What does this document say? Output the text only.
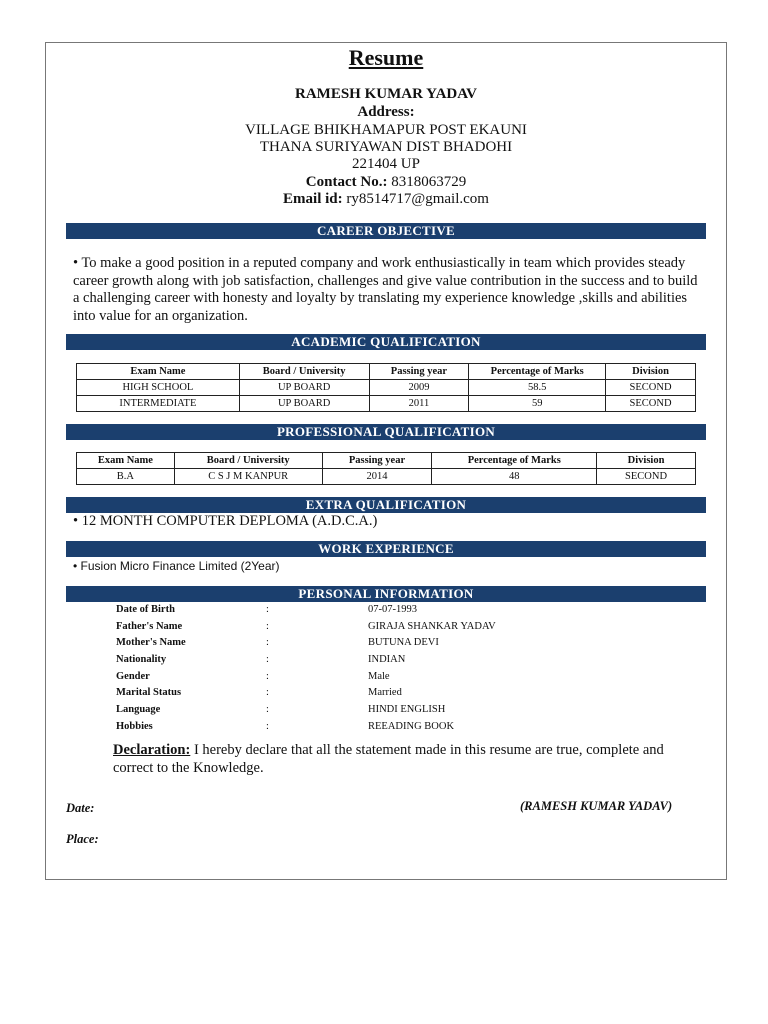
Resume
RAMESH KUMAR YADAV
Address:
VILLAGE BHIKHAMAPUR POST EKAUNI
THANA SURIYAWAN DIST BHADOHI
221404 UP
Contact No.: 8318063729
Email id: ry8514717@gmail.com
CAREER OBJECTIVE
• To make a good position in a reputed company and work enthusiastically in team which provides steady career growth along with job satisfaction, challenges and give value contribution in the success and to build a challenging career with honesty and loyalty by translating my experience knowledge ,skills and abilities into value for an organization.
ACADEMIC QUALIFICATION
Exam Name	Board / University	Passing year	Percentage of Marks	Division
HIGH SCHOOL	UP BOARD	2009	58.5	SECOND
INTERMEDIATE	UP BOARD	2011	59	SECOND
PROFESSIONAL QUALIFICATION
Exam Name	Board / University	Passing year	Percentage of Marks	Division
B.A	C S J M KANPUR	2014	48	SECOND
EXTRA QUALIFICATION
• 12 MONTH COMPUTER DEPLOMA (A.D.C.A.)
WORK EXPERIENCE
• Fusion Micro Finance Limited (2Year)
PERSONAL INFORMATION
Date of Birth	:	07-07-1993
Father's Name	:	GIRAJA SHANKAR YADAV
Mother's Name	:	BUTUNA DEVI
Nationality	:	INDIAN
Gender	:	Male
Marital Status	:	Married
Language	:	HINDI ENGLISH
Hobbies	:	REEADING BOOK
Declaration: I hereby declare that all the statement made in this resume are true, complete and correct to the Knowledge.
Date:
Place:
(RAMESH KUMAR YADAV)
